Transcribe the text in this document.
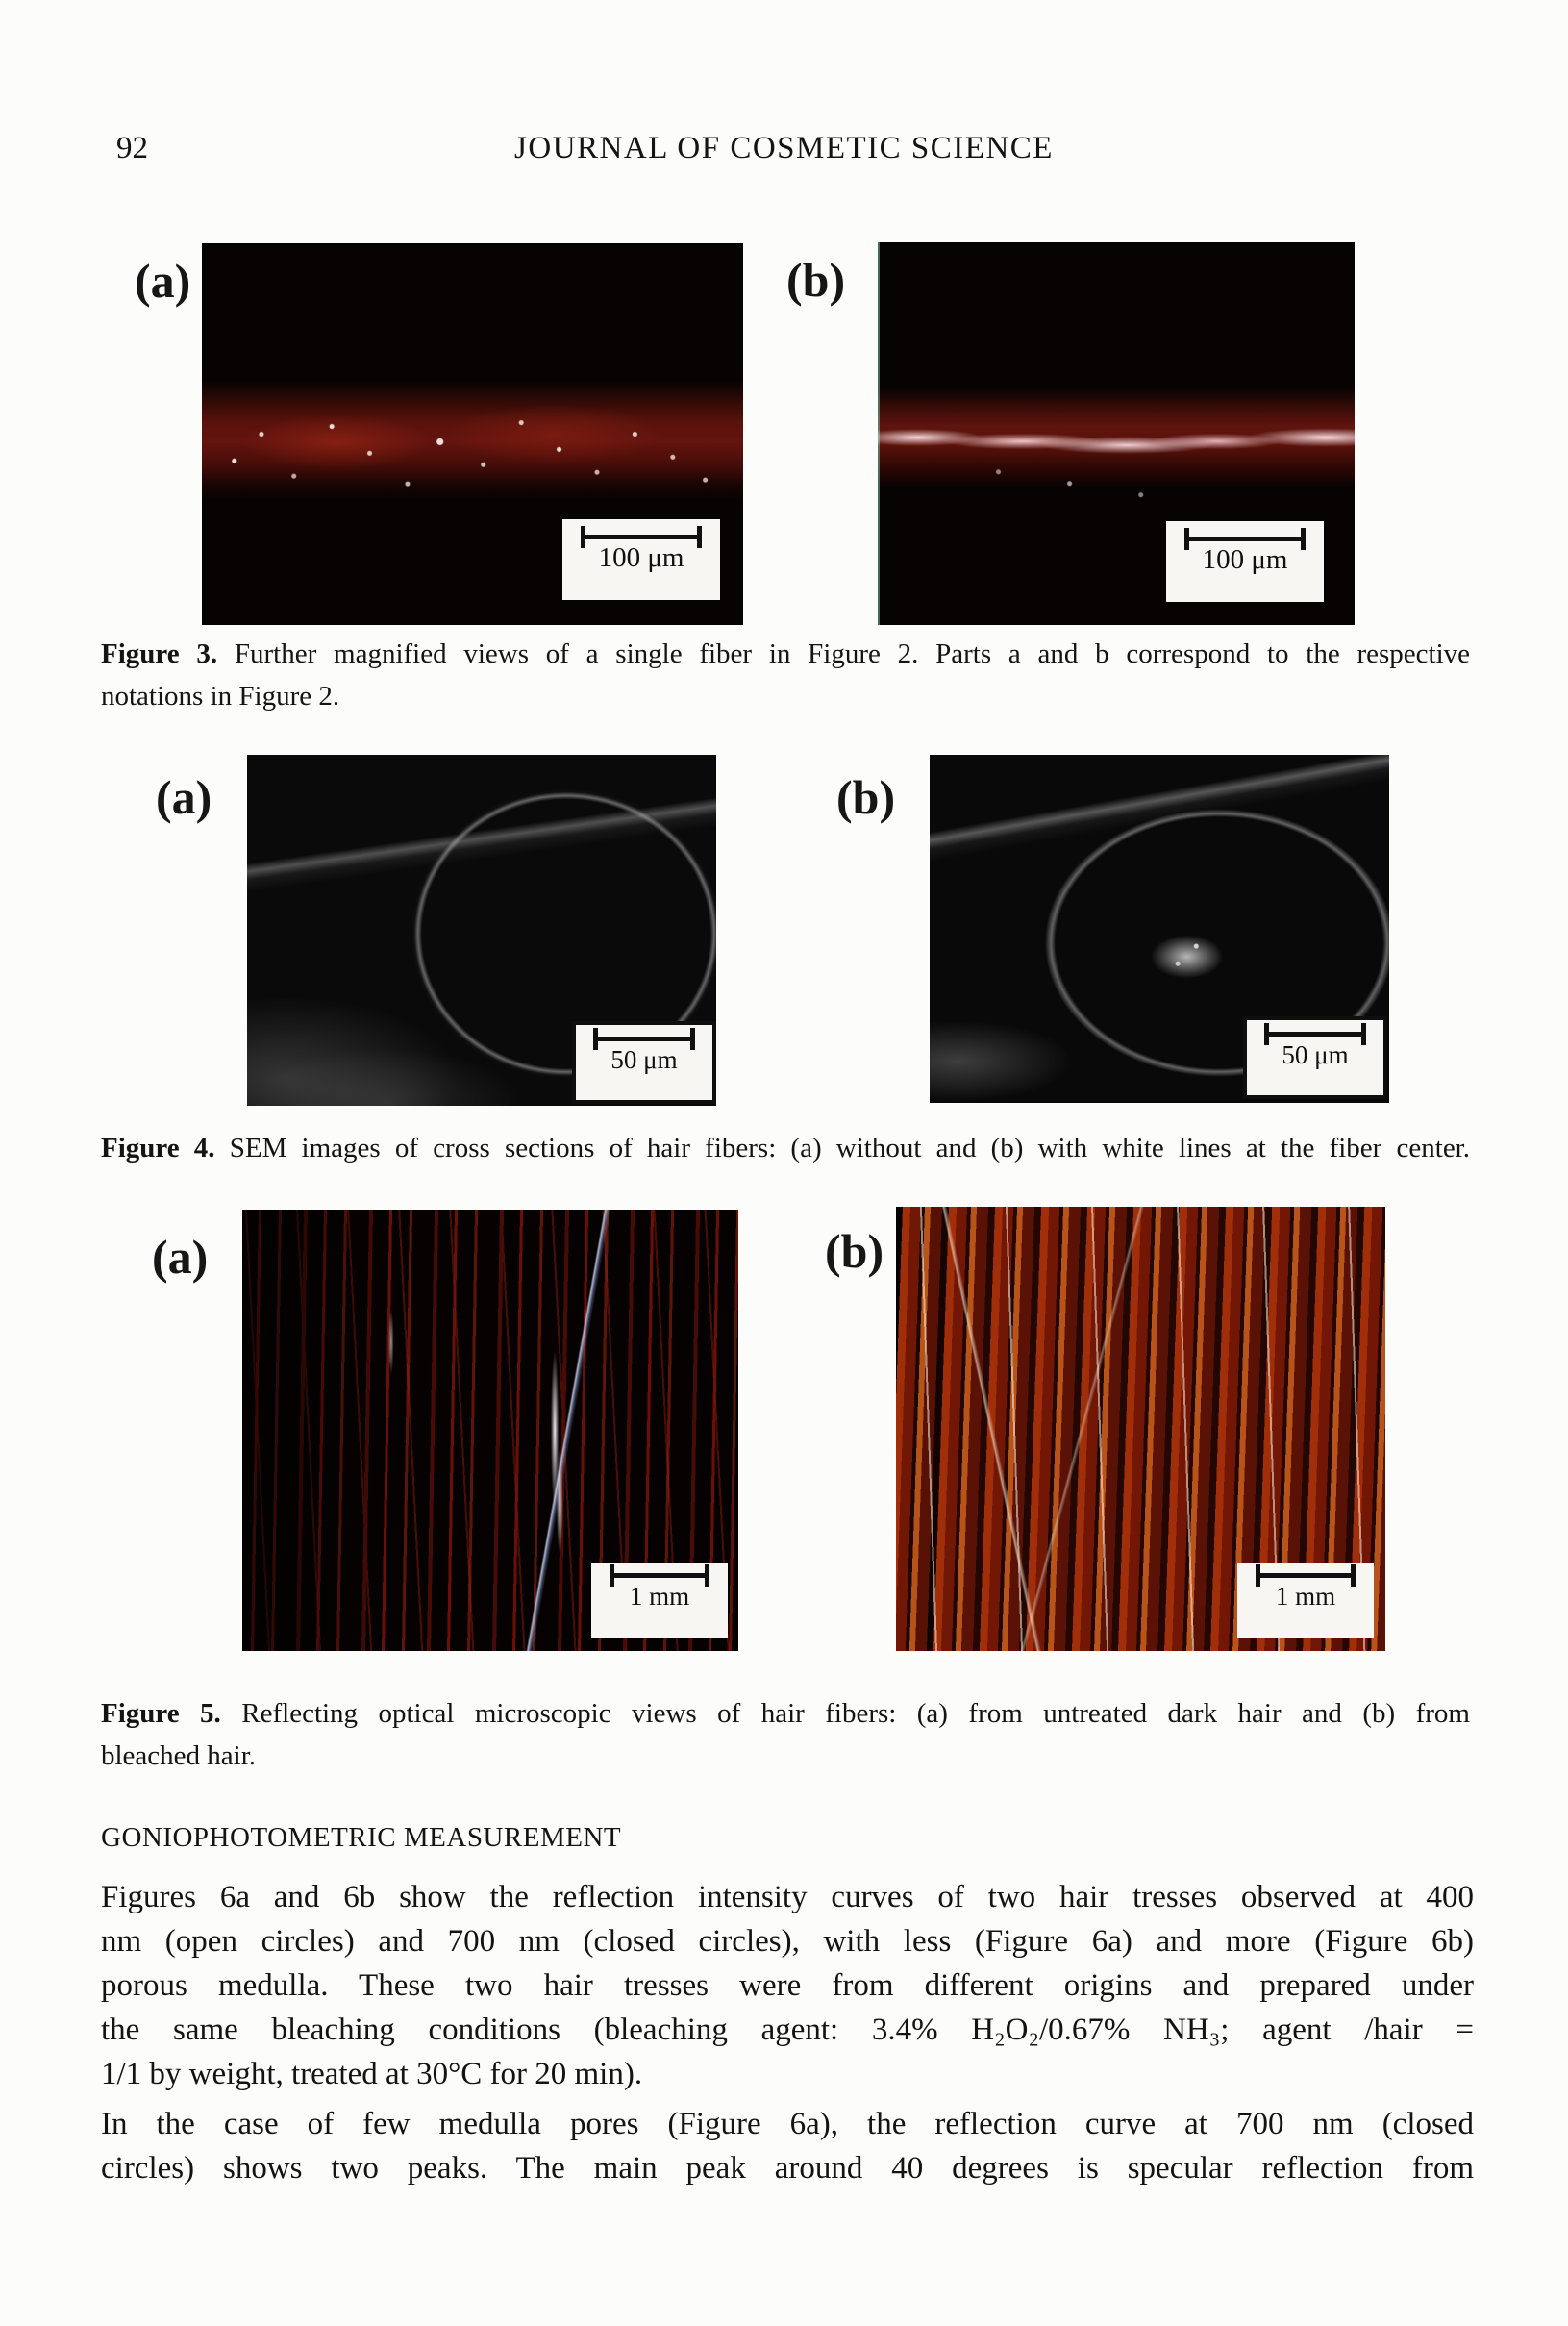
92	JOURNAL OF COSMETIC SCIENCE
(a)
100 μm
(b)
100 μm
Figure 3. Further magnified views of a single fiber in Figure 2. Parts a and b correspond to the respective
notations in Figure 2.
(a)
50 μm
(b)
50 μm
Figure 4. SEM images of cross sections of hair fibers: (a) without and (b) with white lines at the fiber center.
(a)
1 mm
(b)
1 mm
Figure 5. Reflecting optical microscopic views of hair fibers: (a) from untreated dark hair and (b) from
bleached hair.
GONIOPHOTOMETRIC MEASUREMENT
Figures 6a and 6b show the reflection intensity curves of two hair tresses observed at 400
nm (open circles) and 700 nm (closed circles), with less (Figure 6a) and more (Figure 6b)
porous medulla. These two hair tresses were from different origins and prepared under
the same bleaching conditions (bleaching agent: 3.4% H₂O₂/0.67% NH₃; agent /hair =
1/1 by weight, treated at 30°C for 20 min).
In the case of few medulla pores (Figure 6a), the reflection curve at 700 nm (closed
circles) shows two peaks. The main peak around 40 degrees is specular reflection from
